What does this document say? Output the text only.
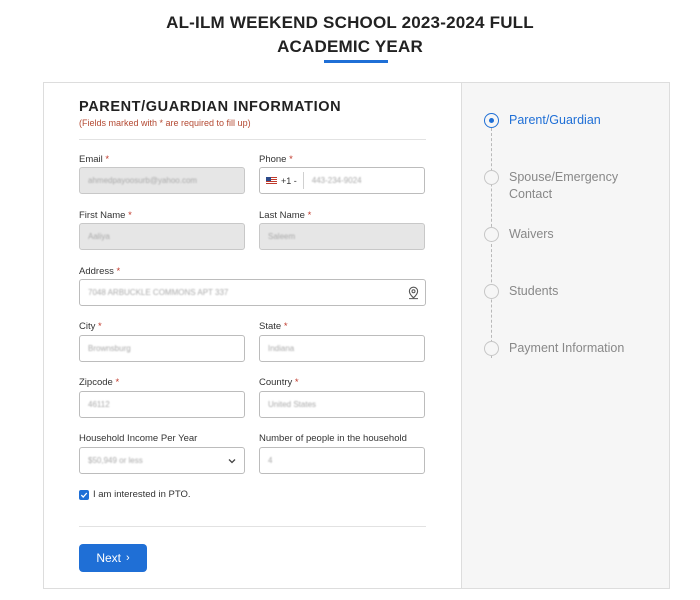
AL-ILM WEEKEND SCHOOL 2023-2024 FULL
ACADEMIC YEAR
PARENT/GUARDIAN INFORMATION
(Fields marked with * are required to fill up)
Email *
ahmedpayoosurb@yahoo.com
Phone *
+1 - 443-234-9024
First Name *
Aaliya
Last Name *
Saleem
Address *
7048 ARBUCKLE COMMONS APT 337
City *
Brownsburg
State *
Indiana
Zipcode *
46112
Country *
United States
Household Income Per Year
$50,949 or less
Number of people in the household
4
I am interested in PTO.
Next ›
Parent/Guardian
Spouse/Emergency Contact
Waivers
Students
Payment Information
